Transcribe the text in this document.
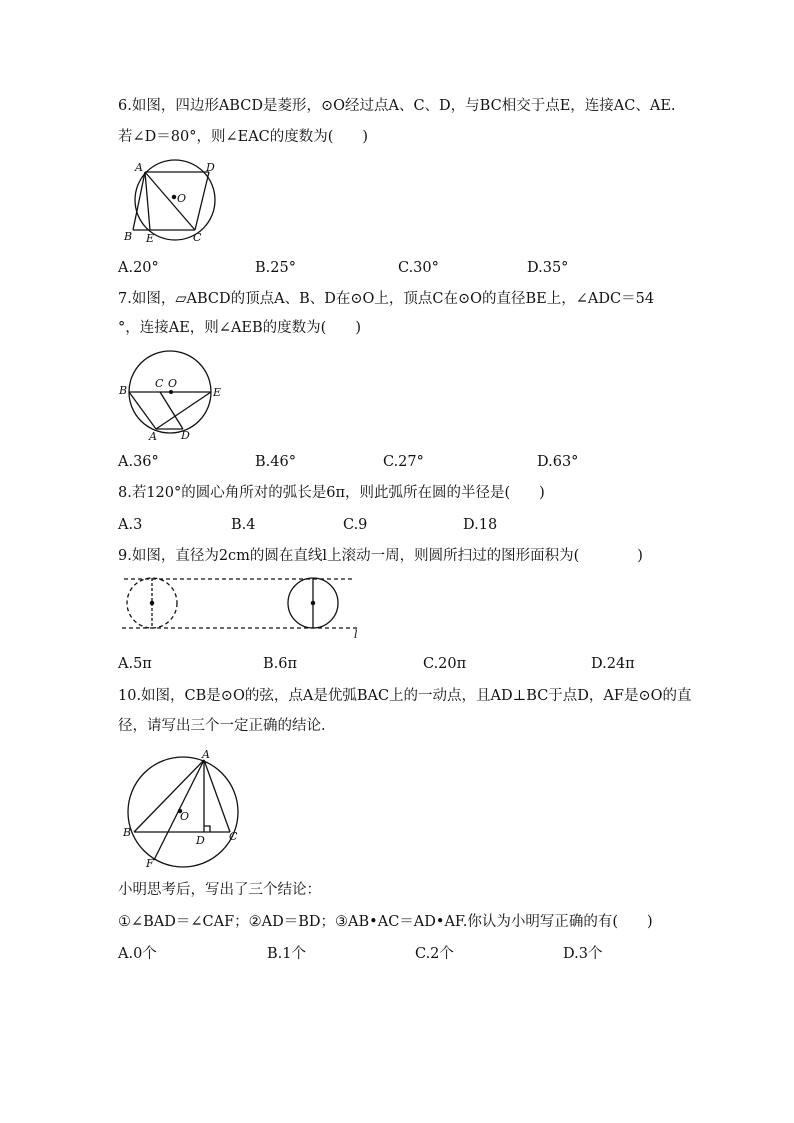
6.如图，四边形ABCD是菱形，⊙O经过点A、C、D，与BC相交于点E，连接AC、AE.
若∠D＝80°，则∠EAC的度数为(　　)
A	D
O
B E	C
A.20°	B.25°	C.30°	D.35°
7.如图，▱ABCD的顶点A、B、D在⊙O上，顶点C在⊙O的直径BE上，∠ADC＝54
°，连接AE，则∠AEB的度数为(　　)
B
C O
E
A D
A.36°	B.46°	C.27°	D.63°
8.若120°的圆心角所对的弧长是6π，则此弧所在圆的半径是(　　)
A.3	B.4	C.9	D.18
9.如图，直径为2cm的圆在直线l上滚动一周，则圆所扫过的图形面积为(　　　　)
l
A.5π	B.6π	C.20π	D.24π
10.如图，CB是⊙O的弦，点A是优弧BAC上的一动点，且AD⊥BC于点D，AF是⊙O的直
径，请写出三个一定正确的结论.
A
O
B	C
D
F
小明思考后，写出了三个结论：
①∠BAD＝∠CAF；②AD＝BD；③AB•AC＝AD•AF.你认为小明写正确的有(　　)
A.0个	B.1个	C.2个	D.3个
